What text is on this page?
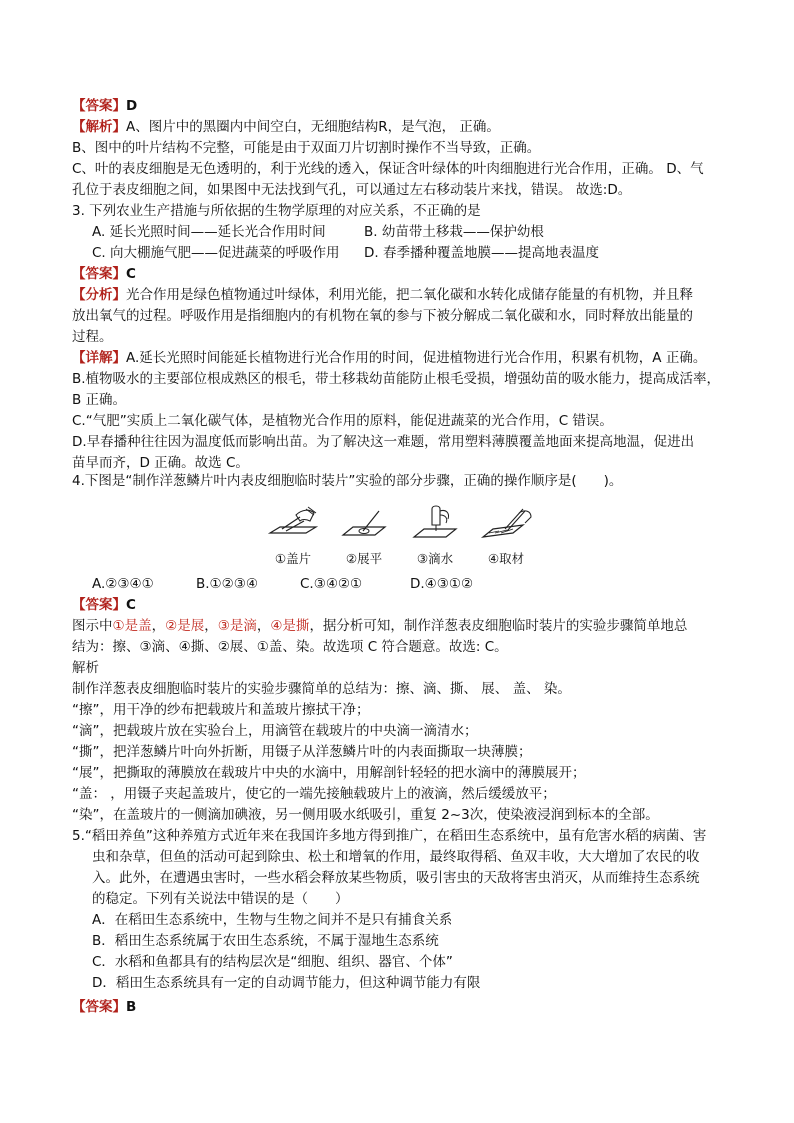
【答案】D
【解析】A、图片中的黑圈内中间空白，无细胞结构R，是气泡， 正确。
B、图中的叶片结构不完整，可能是由于双面刀片切割时操作不当导致，正确。
C、叶的表皮细胞是无色透明的，利于光线的透入，保证含叶绿体的叶肉细胞进行光合作用，正确。 D、气
孔位于表皮细胞之间，如果图中无法找到气孔，可以通过左右移动装片来找，错误。 故选:D。
3. 下列农业生产措施与所依据的生物学原理的对应关系，不正确的是
A. 延长光照时间——延长光合作用时间	B. 幼苗带土移栽——保护幼根
C. 向大棚施气肥——促进蔬菜的呼吸作用 D. 春季播种覆盖地膜——提高地表温度
【答案】C
【分析】光合作用是绿色植物通过叶绿体，利用光能，把二氧化碳和水转化成储存能量的有机物，并且释
放出氧气的过程。呼吸作用是指细胞内的有机物在氧的参与下被分解成二氧化碳和水，同时释放出能量的
过程。
【详解】A.延长光照时间能延长植物进行光合作用的时间，促进植物进行光合作用，积累有机物，A 正确。
B.植物吸水的主要部位根成熟区的根毛，带土移栽幼苗能防止根毛受损，增强幼苗的吸水能力，提高成活率，
B 正确。
C.“气肥”实质上二氧化碳气体，是植物光合作用的原料，能促进蔬菜的光合作用，C 错误。
D.早春播种往往因为温度低而影响出苗。为了解决这一难题，常用塑料薄膜覆盖地面来提高地温，促进出
苗早而齐，D 正确。故选 C。
4.下图是“制作洋葱鳞片叶内表皮细胞临时装片”实验的部分步骤，正确的操作顺序是(　　)。
①盖片	②展平	③滴水	④取材
A.②③④①	B.①②③④	C.③④②①	D.④③①②
【答案】C
图示中①是盖，②是展，③是滴，④是撕，据分析可知，制作洋葱表皮细胞临时装片的实验步骤简单地总
结为：擦、③滴、④撕、②展、①盖、染。故选项 C 符合题意。故选: C。
解析
制作洋葱表皮细胞临时装片的实验步骤简单的总结为：擦、滴、撕、 展、 盖、 染。
“擦”，用干净的纱布把载玻片和盖玻片擦拭干净；
“滴”，把载玻片放在实验台上，用滴管在载玻片的中央滴一滴清水；
“撕”，把洋葱鳞片叶向外折断，用镊子从洋葱鳞片叶的内表面撕取一块薄膜；
“展”，把撕取的薄膜放在载玻片中央的水滴中，用解剖针轻轻的把水滴中的薄膜展开；
“盖： ，用镊子夹起盖玻片，使它的一端先接触载玻片上的液滴，然后缓缓放平；
“染”，在盖玻片的一侧滴加碘液，另一侧用吸水纸吸引，重复 2~3次，使染液浸润到标本的全部。
5.“稻田养鱼”这种养殖方式近年来在我国许多地方得到推广，在稻田生态系统中，虽有危害水稻的病菌、害
虫和杂草，但鱼的活动可起到除虫、松土和增氧的作用，最终取得稻、鱼双丰收，大大增加了农民的收
入。此外，在遭遇虫害时，一些水稻会释放某些物质，吸引害虫的天敌将害虫消灭，从而维持生态系统
的稳定。下列有关说法中错误的是（　　）
A．在稻田生态系统中，生物与生物之间并不是只有捕食关系
B．稻田生态系统属于农田生态系统，不属于湿地生态系统
C．水稻和鱼都具有的结构层次是“细胞、组织、器官、个体”
D．稻田生态系统具有一定的自动调节能力，但这种调节能力有限
【答案】B
